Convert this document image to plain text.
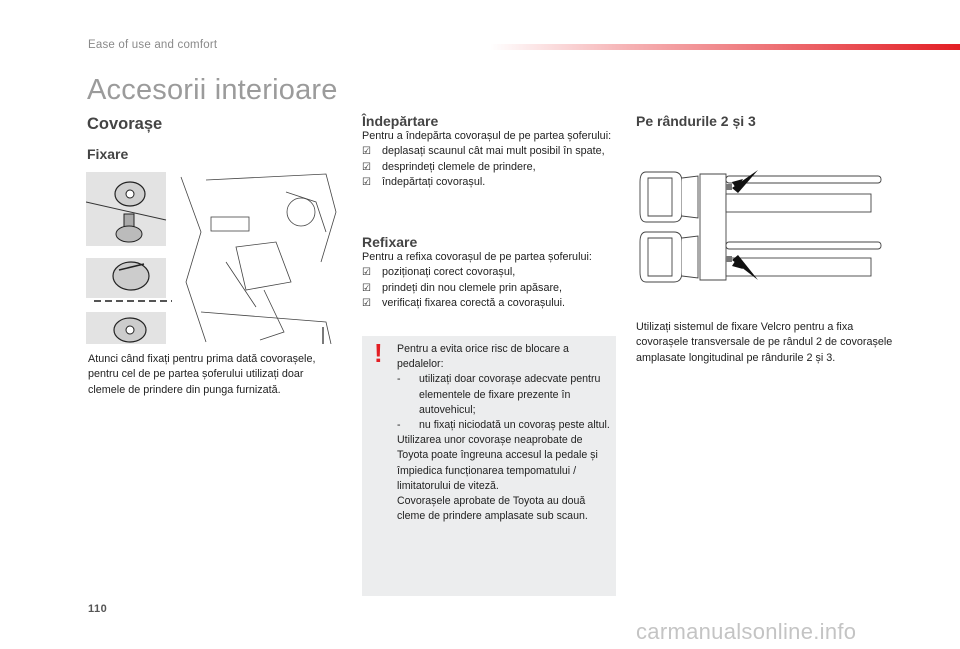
Ease of use and comfort
Accesorii interioare
Covorașe
Fixare
Atunci când fixați pentru prima dată covorașele, pentru cel de pe partea șoferului utilizați doar clemele de prindere din punga furnizată.
Îndepărtare
Pentru a îndepărta covorașul de pe partea șoferului:
☑ deplasați scaunul cât mai mult posibil în spate,
☑ desprindeți clemele de prindere,
☑ îndepărtați covorașul.
Refixare
Pentru a refixa covorașul de pe partea șoferului:
☑ poziționați corect covorașul,
☑ prindeți din nou clemele prin apăsare,
☑ verificați fixarea corectă a covorașului.
! Pentru a evita orice risc de blocare a pedalelor:

- utilizați doar covorașe adecvate pentru elementele de fixare prezente în autovehicul;
- nu fixați niciodată un covoraș peste altul.

Utilizarea unor covorașe neaprobate de Toyota poate îngreuna accesul la pedale și împiedica funcționarea tempomatului / limitatorului de viteză.

Covorașele aprobate de Toyota au două cleme de prindere amplasate sub scaun.

Pe rândurile 2 și 3
Utilizați sistemul de fixare Velcro pentru a fixa covorașele transversale de pe rândul 2 de covorașele amplasate longitudinal pe rândurile 2 și 3.
110
carmanualsonline.info
